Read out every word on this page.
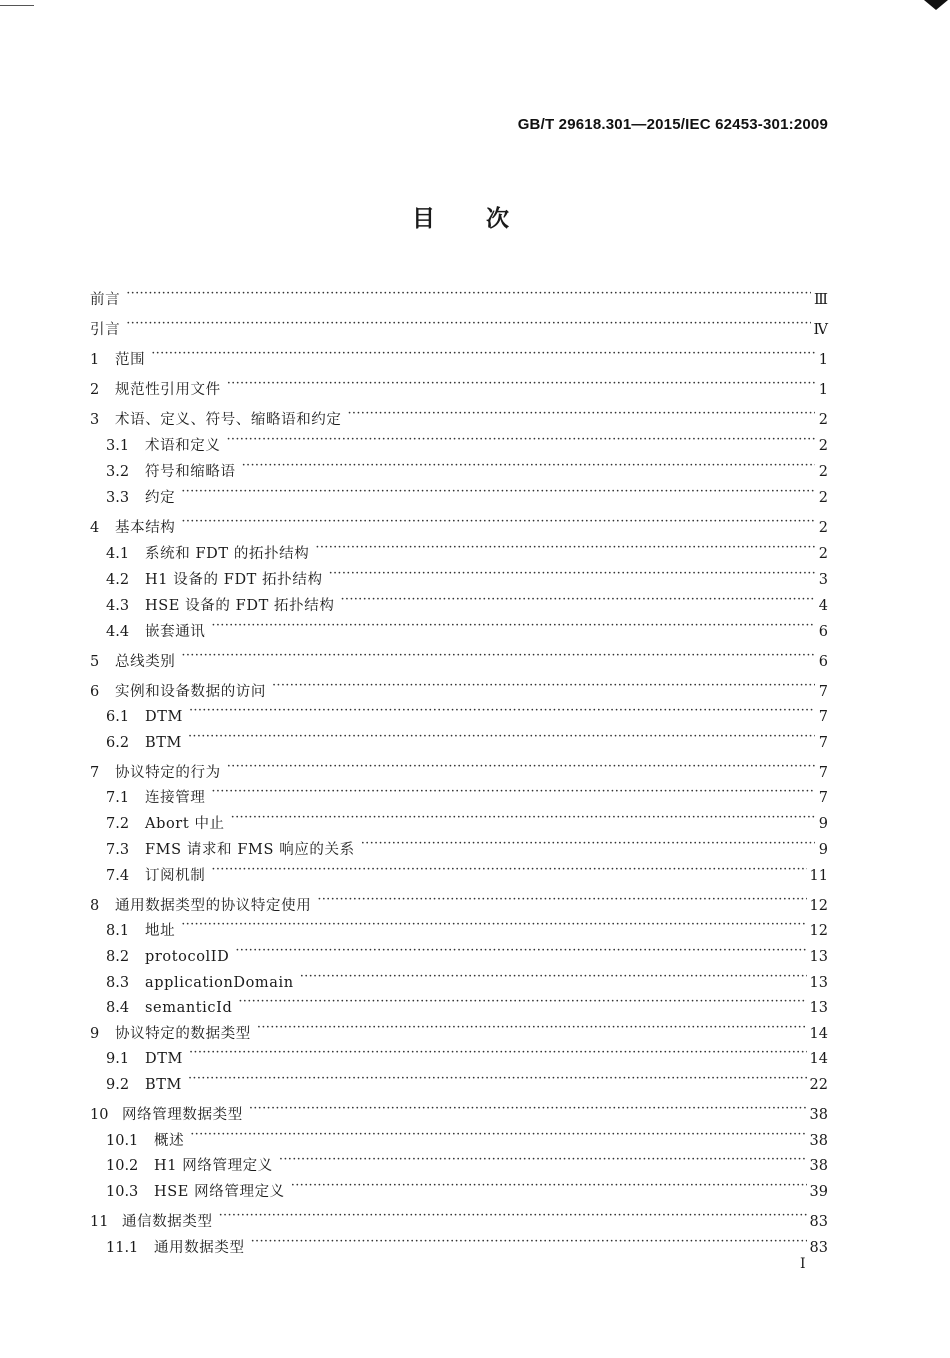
GB/T 29618.301—2015/IEC 62453-301:2009
目 次
前言 ·····	Ⅲ
引言 ·····	Ⅳ
1	范围 ·····	1
2	规范性引用文件 ·····	1
3	术语、定义、符号、缩略语和约定 ·····	2
3.1	术语和定义 ·····	2
3.2	符号和缩略语 ·····	2
3.3	约定 ·····	2
4	基本结构 ·····	2
4.1	系统和 FDT 的拓扑结构 ·····	2
4.2	H1 设备的 FDT 拓扑结构 ·····	3
4.3	HSE 设备的 FDT 拓扑结构 ·····	4
4.4	嵌套通讯 ·····	6
5	总线类别 ·····	6
6	实例和设备数据的访问 ·····	7
6.1	DTM ·····	7
6.2	BTM ·····	7
7	协议特定的行为 ·····	7
7.1	连接管理 ·····	7
7.2	Abort 中止 ·····	9
7.3	FMS 请求和 FMS 响应的关系 ·····	9
7.4	订阅机制 ·····	11
8	通用数据类型的协议特定使用 ·····	12
8.1	地址 ·····	12
8.2	protocolID ·····	13
8.3	applicationDomain ·····	13
8.4	semanticId ·····	13
9	协议特定的数据类型 ·····	14
9.1	DTM ·····	14
9.2	BTM ·····	22
10 网络管理数据类型 ·····	38
10.1	概述 ·····	38
10.2	H1 网络管理定义 ·····	38
10.3	HSE 网络管理定义 ·····	39
11 通信数据类型 ·····	83
11.1	通用数据类型 ·····	83
I
